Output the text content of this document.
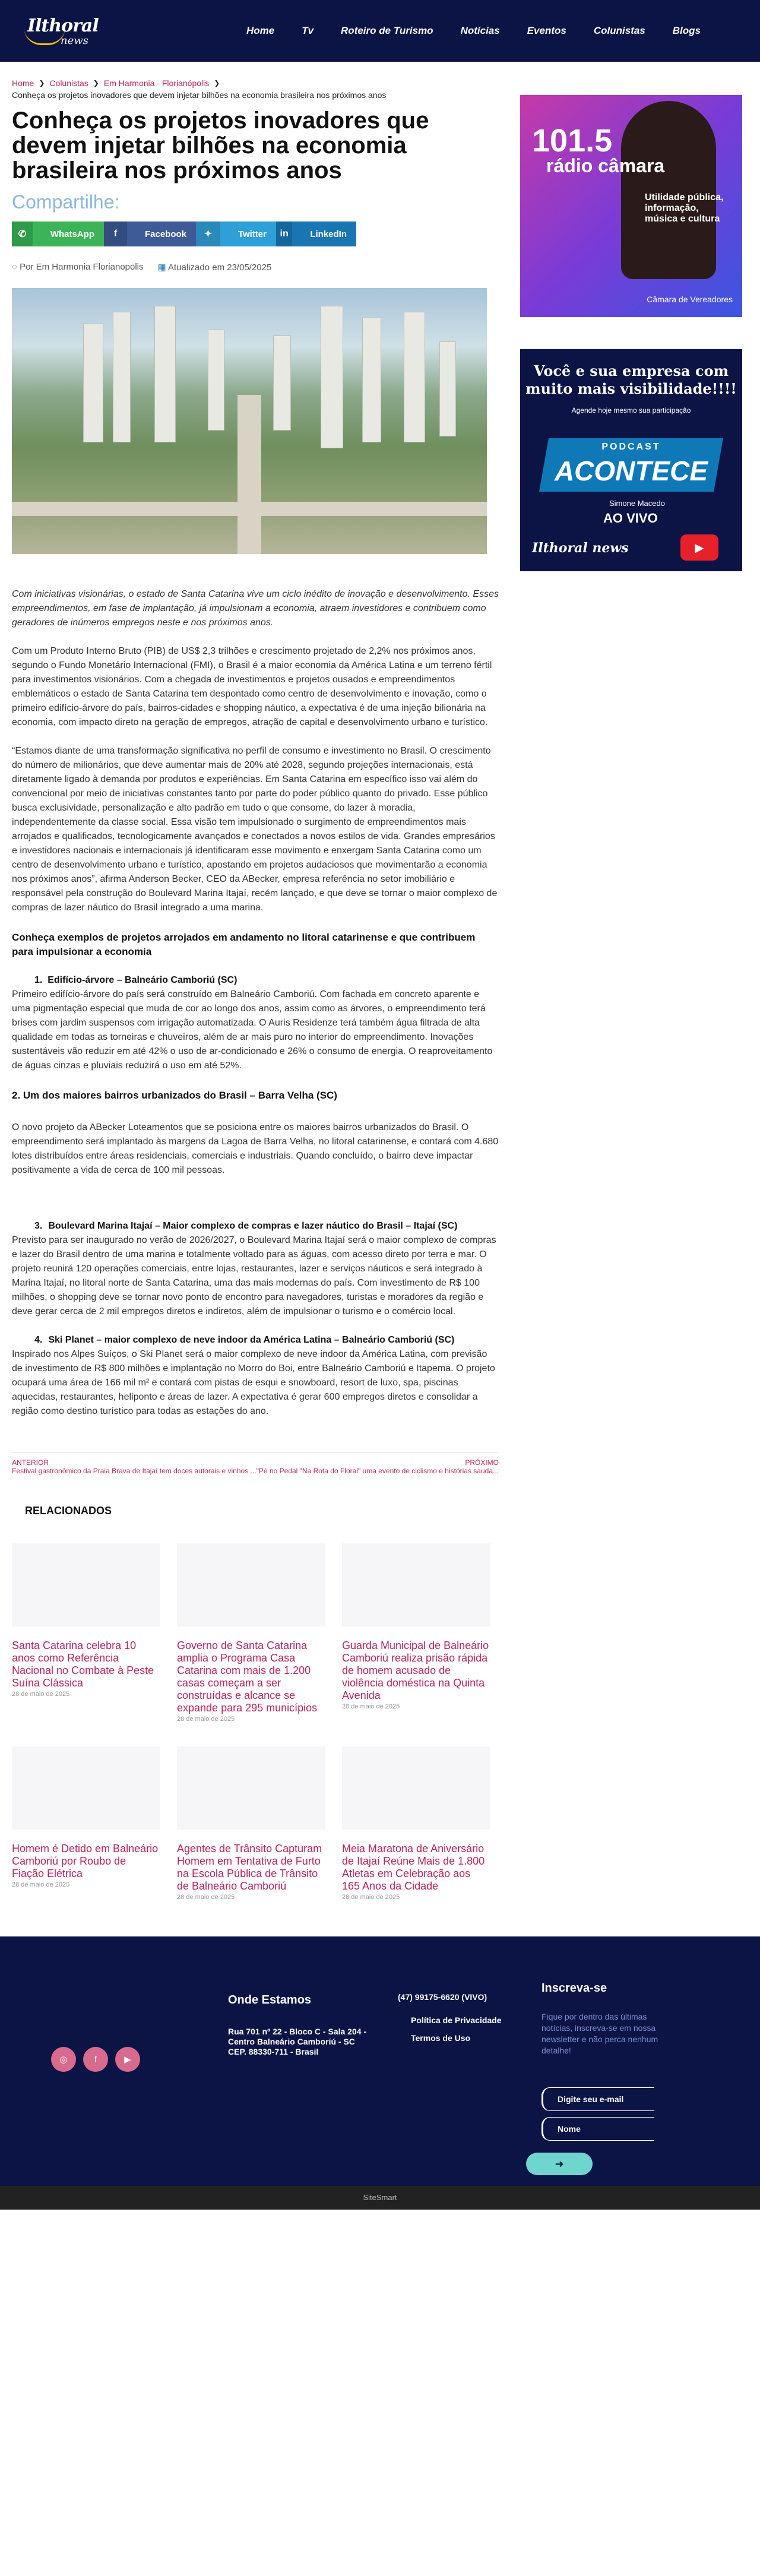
Ilthoral
news
Home	Tv	Roteiro de Turismo	Notícias	Eventos	Colunistas	Blogs
Home ❯ Colunistas ❯ Em Harmonia - Florianópolis ❯
Conheça os projetos inovadores que devem injetar bilhões na economia brasileira nos próximos anos
Conheça os projetos inovadores que devem injetar bilhões na economia brasileira nos próximos anos
Compartilhe:
✆	WhatsApp	f	Facebook	✦	Twitter	in	LinkedIn
◌ Por Em Harmonia Florianopolis ▦ Atualizado em 23/05/2025

Com iniciativas visionárias, o estado de Santa Catarina vive um ciclo inédito de inovação e desenvolvimento. Esses empreendimentos, em fase de implantação, já impulsionam a economia, atraem investidores e contribuem como geradores de inúmeros empregos neste e nos próximos anos.

Com um Produto Interno Bruto (PIB) de US$ 2,3 trilhões e crescimento projetado de 2,2% nos próximos anos, segundo o Fundo Monetário Internacional (FMI), o Brasil é a maior economia da América Latina e um terreno fértil para investimentos visionários. Com a chegada de investimentos e projetos ousados e empreendimentos emblemáticos o estado de Santa Catarina tem despontado como centro de desenvolvimento e inovação, como o primeiro edifício-árvore do país, bairros-cidades e shopping náutico, a expectativa é de uma injeção bilionária na economia, com impacto direto na geração de empregos, atração de capital e desenvolvimento urbano e turístico.

“Estamos diante de uma transformação significativa no perfil de consumo e investimento no Brasil. O crescimento do número de milionários, que deve aumentar mais de 20% até 2028, segundo projeções internacionais, está diretamente ligado à demanda por produtos e experiências. Em Santa Catarina em específico isso vai além do convencional por meio de iniciativas constantes tanto por parte do poder público quanto do privado. Esse público busca exclusividade, personalização e alto padrão em tudo o que consome, do lazer à moradia, independentemente da classe social. Essa visão tem impulsionado o surgimento de empreendimentos mais arrojados e qualificados, tecnologicamente avançados e conectados a novos estilos de vida. Grandes empresários e investidores nacionais e internacionais já identificaram esse movimento e enxergam Santa Catarina como um centro de desenvolvimento urbano e turístico, apostando em projetos audaciosos que movimentarão a economia nos próximos anos”, afirma Anderson Becker, CEO da ABecker, empresa referência no setor imobiliário e responsável pela construção do Boulevard Marina Itajaí, recém lançado, e que deve se tornar o maior complexo de compras de lazer náutico do Brasil integrado a uma marina.

Conheça exemplos de projetos arrojados em andamento no litoral catarinense e que contribuem para impulsionar a economia

1.  Edifício-árvore – Balneário Camboriú (SC)
Primeiro edifício-árvore do país será construído em Balneário Camboriú. Com fachada em concreto aparente e uma pigmentação especial que muda de cor ao longo dos anos, assim como as árvores, o empreendimento terá brises com jardim suspensos com irrigação automatizada. O Auris Residenze terá também água filtrada de alta qualidade em todas as torneiras e chuveiros, além de ar mais puro no interior do empreendimento. Inovações sustentáveis vão reduzir em até 42% o uso de ar-condicionado e 26% o consumo de energia. O reaproveitamento de águas cinzas e pluviais reduzirá o uso em até 52%.

2. Um dos maiores bairros urbanizados do Brasil – Barra Velha (SC)

O novo projeto da ABecker Loteamentos que se posiciona entre os maiores bairros urbanizados do Brasil. O empreendimento será implantado às margens da Lagoa de Barra Velha, no litoral catarinense, e contará com 4.680 lotes distribuídos entre áreas residenciais, comerciais e industriais. Quando concluído, o bairro deve impactar positivamente a vida de cerca de 100 mil pessoas.

3. Boulevard Marina Itajaí – Maior complexo de compras e lazer náutico do Brasil – Itajaí (SC)
Previsto para ser inaugurado no verão de 2026/2027, o Boulevard Marina Itajaí será o maior complexo de compras e lazer do Brasil dentro de uma marina e totalmente voltado para as águas, com acesso direto por terra e mar. O projeto reunirá 120 operações comerciais, entre lojas, restaurantes, lazer e serviços náuticos e será integrado à Marina Itajaí, no litoral norte de Santa Catarina, uma das mais modernas do país. Com investimento de R$ 100 milhões, o shopping deve se tornar novo ponto de encontro para navegadores, turistas e moradores da região e deve gerar cerca de 2 mil empregos diretos e indiretos, além de impulsionar o turismo e o comércio local.
4. Ski Planet – maior complexo de neve indoor da América Latina – Balneário Camboriú (SC)
Inspirado nos Alpes Suíços, o Ski Planet será o maior complexo de neve indoor da América Latina, com previsão de investimento de R$ 800 milhões e implantação no Morro do Boi, entre Balneário Camboriú e Itapema. O projeto ocupará uma área de 166 mil m² e contará com pistas de esqui e snowboard, resort de luxo, spa, piscinas aquecidas, restaurantes, heliponto e áreas de lazer. A expectativa é gerar 600 empregos diretos e consolidar a região como destino turístico para todas as estações do ano.
ANTERIOR
Festival gastronômico da Praia Brava de Itajaí tem doces autorais e vinhos ...
PRÓXIMO
"Pé no Pedal "Na Rota do Floral" uma evento de ciclismo e histórias sauda...
RELACIONADOS
Santa Catarina celebra 10 anos como Referência Nacional no Combate à Peste Suína Clássica
28 de maio de 2025
Governo de Santa Catarina amplia o Programa Casa Catarina com mais de 1.200 casas começam a ser construídas e alcance se expande para 295 municípios
28 de maio de 2025
Guarda Municipal de Balneário Camboriú realiza prisão rápida de homem acusado de violência doméstica na Quinta Avenida
28 de maio de 2025
Homem é Detido em Balneário Camboriú por Roubo de Fiação Elétrica
28 de maio de 2025
Agentes de Trânsito Capturam Homem em Tentativa de Furto na Escola Pública de Trânsito de Balneário Camboriú
28 de maio de 2025
Meia Maratona de Aniversário de Itajaí Reúne Mais de 1.800 Atletas em Celebração aos 165 Anos da Cidade
28 de maio de 2025
101.5
rádio câmara
Utilidade pública, informação, música e cultura
Câmara de Vereadores
Você e sua empresa com muito mais visibilidade!!!!
Agende hoje mesmo sua participação
PODCAST
ACONTECE
Simone Macedo
AO VIVO
▶
Ilthoral news
◎	f	▶
Onde Estamos
Rua 701 nº 22 - Bloco C - Sala 204 - Centro Balneário Camboriú - SC CEP. 88330-711 - Brasil
(47) 99175-6620 (VIVO)
Política de Privacidade
Termos de Uso
Inscreva-se
Fique por dentro das últimas notícias, inscreva-se em nossa newsletter e não perca nenhum detalhe!
Digite seu e-mail
Nome
➜
SiteSmart
